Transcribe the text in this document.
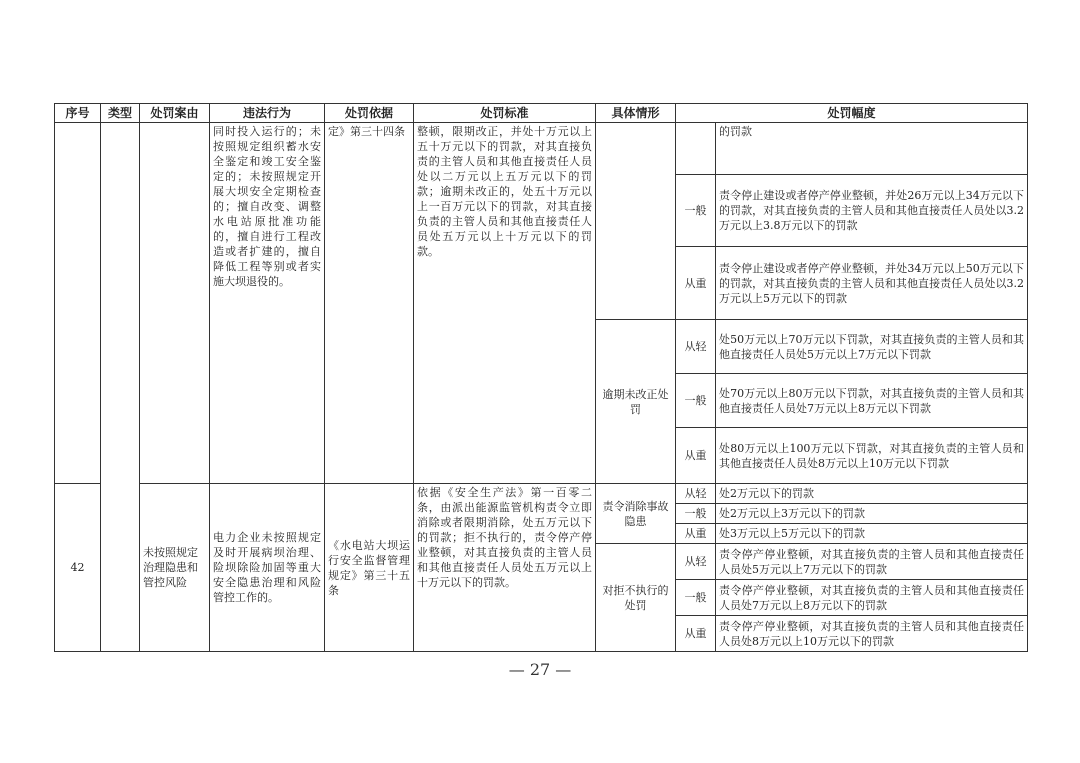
序号	类型	处罚案由	违法行为	处罚依据	处罚标准	具体情形	处罚幅度	
			同时投入运行的；未按照规定组织蓄水安全鉴定和竣工安全鉴定的；未按照规定开展大坝安全定期检查的；擅自改变、调整水电站原批准功能的，擅自进行工程改造或者扩建的，擅自降低工程等别或者实施大坝退役的。	定》第三十四条	整顿，限期改正，并处十万元以上五十万元以下的罚款，对其直接负责的主管人员和其他直接责任人员处以二万元以上五万元以下的罚款；逾期未改正的，处五十万元以上一百万元以下的罚款，对其直接负责的主管人员和其他直接责任人员处五万元以上十万元以下的罚款。			的罚款
							一般	责令停止建设或者停产停业整顿，并处26万元以上34万元以下的罚款，对其直接负责的主管人员和其他直接责任人员处以3.2万元以上3.8万元以下的罚款
							从重	责令停止建设或者停产停业整顿，并处34万元以上50万元以下的罚款，对其直接负责的主管人员和其他直接责任人员处以3.2万元以上5万元以下的罚款
						逾期未改正处罚	从轻	处50万元以上70万元以下罚款，对其直接负责的主管人员和其他直接责任人员处5万元以上7万元以下罚款
							一般	处70万元以上80万元以下罚款，对其直接负责的主管人员和其他直接责任人员处7万元以上8万元以下罚款
							从重	处80万元以上100万元以下罚款，对其直接负责的主管人员和其他直接责任人员处8万元以上10万元以下罚款
42		未按照规定治理隐患和管控风险	电力企业未按照规定及时开展病坝治理、险坝除险加固等重大安全隐患治理和风险管控工作的。	《水电站大坝运行安全监督管理规定》第三十五条	依据《安全生产法》第一百零二条，由派出能源监管机构责令立即消除或者限期消除，处五万元以下的罚款；拒不执行的，责令停产停业整顿，对其直接负责的主管人员和其他直接责任人员处五万元以上十万元以下的罚款。	责令消除事故隐患	从轻	处2万元以下的罚款
							一般	处2万元以上3万元以下的罚款
							从重	处3万元以上5万元以下的罚款
						对拒不执行的处罚	从轻	责令停产停业整顿，对其直接负责的主管人员和其他直接责任人员处5万元以上7万元以下的罚款
							一般	责令停产停业整顿，对其直接负责的主管人员和其他直接责任人员处7万元以上8万元以下的罚款
							从重	责令停产停业整顿，对其直接负责的主管人员和其他直接责任人员处8万元以上10万元以下的罚款
— 27 —
